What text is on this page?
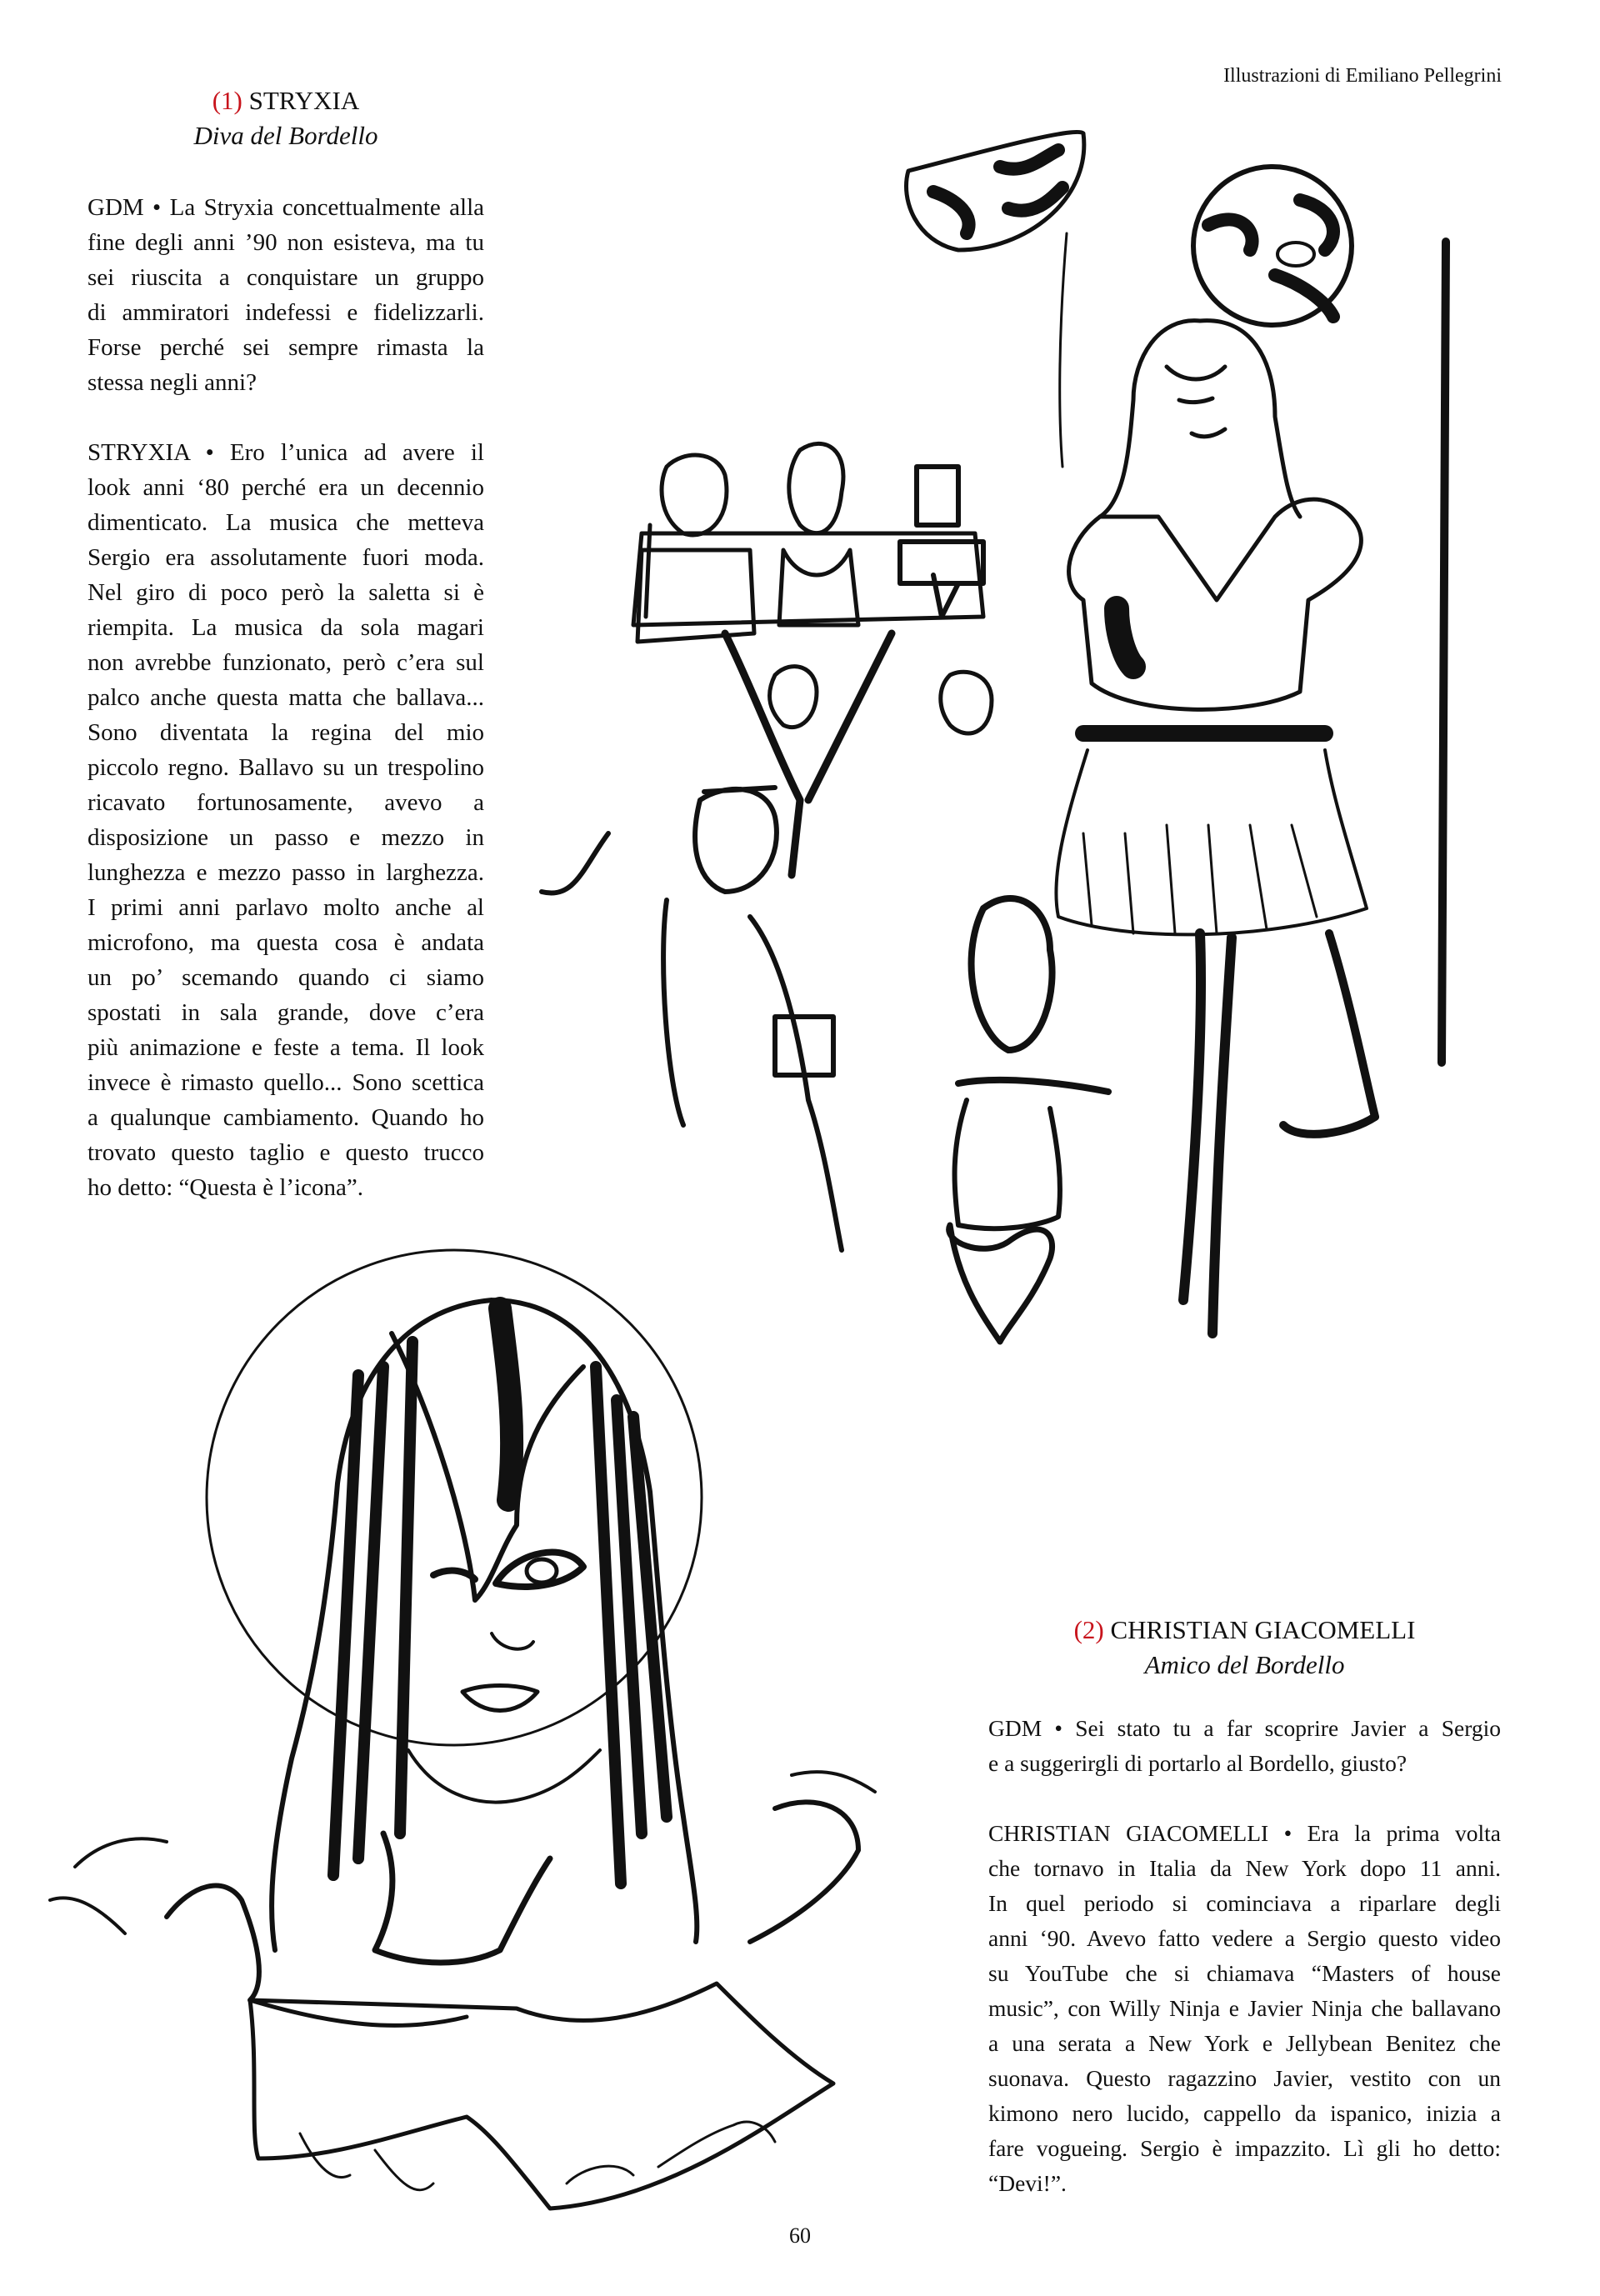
Illustrazioni di Emiliano Pellegrini
(1) STRYXIA
Diva del Bordello
GDM • La Stryxia concettualmente alla
fine degli anni ’90 non esisteva, ma tu
sei riuscita a conquistare un gruppo
di ammiratori indefessi e fidelizzarli.
Forse perché sei sempre rimasta la
stessa negli anni?
STRYXIA • Ero l’unica ad avere il
look anni ‘80 perché era un decennio
dimenticato. La musica che metteva
Sergio era assolutamente fuori moda.
Nel giro di poco però la saletta si è
riempita. La musica da sola magari
non avrebbe funzionato, però c’era sul
palco anche questa matta che ballava...
Sono diventata la regina del mio
piccolo regno. Ballavo su un trespolino
ricavato fortunosamente, avevo a
disposizione un passo e mezzo in
lunghezza e mezzo passo in larghezza.
I primi anni parlavo molto anche al
microfono, ma questa cosa è andata
un po’ scemando quando ci siamo
spostati in sala grande, dove c’era
più animazione e feste a tema. Il look
invece è rimasto quello... Sono scettica
a qualunque cambiamento. Quando ho
trovato questo taglio e questo trucco
ho detto: “Questa è l’icona”.
(2) CHRISTIAN GIACOMELLI
Amico del Bordello
GDM • Sei stato tu a far scoprire Javier a Sergio
e a suggerirgli di portarlo al Bordello, giusto?
CHRISTIAN GIACOMELLI • Era la prima volta
che tornavo in Italia da New York dopo 11 anni.
In quel periodo si cominciava a riparlare degli
anni ‘90. Avevo fatto vedere a Sergio questo video
su YouTube che si chiamava “Masters of house
music”, con Willy Ninja e Javier Ninja che ballavano
a una serata a New York e Jellybean Benitez che
suonava. Questo ragazzino Javier, vestito con un
kimono nero lucido, cappello da ispanico, inizia a
fare vogueing. Sergio è impazzito. Lì gli ho detto:
“Devi!”.
60
